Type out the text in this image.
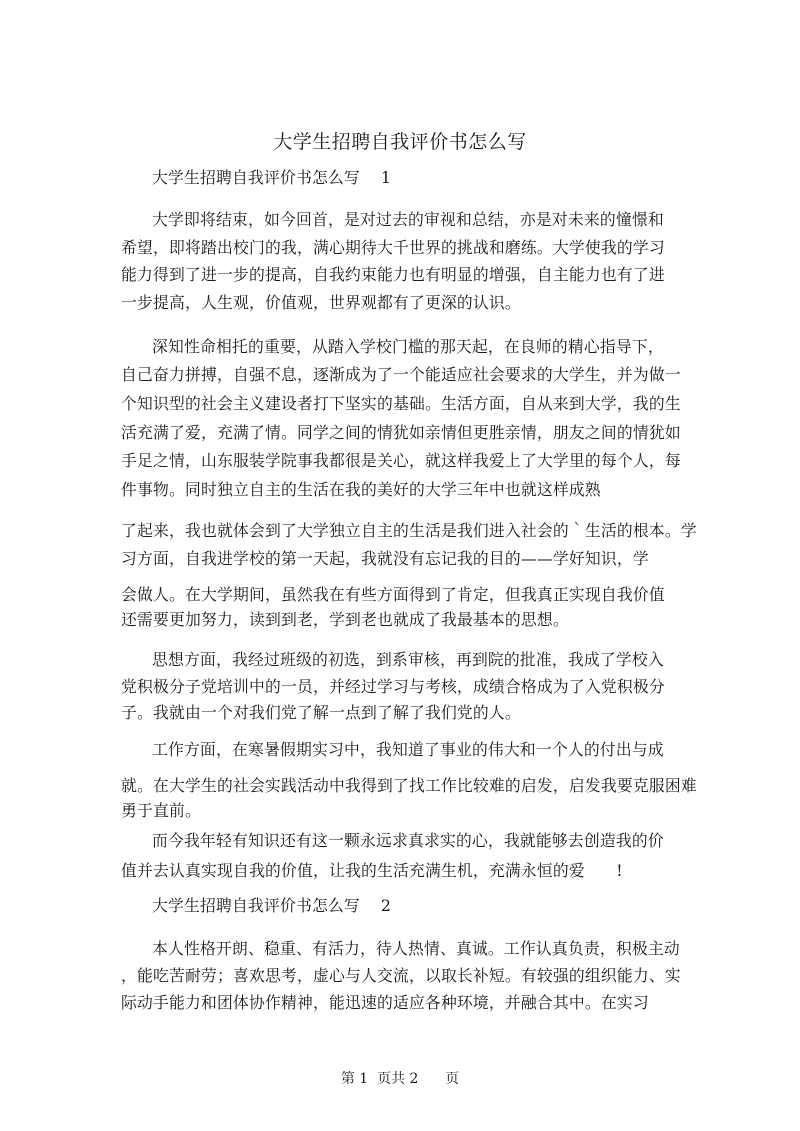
大学生招聘自我评价书怎么写
大学生招聘自我评价书怎么写    1
大学即将结束，如今回首，是对过去的审视和总结，亦是对未来的憧憬和
希望，即将踏出校门的我，满心期待大千世界的挑战和磨练。大学使我的学习
能力得到了进一步的提高，自我约束能力也有明显的增强，自主能力也有了进
一步提高，人生观，价值观，世界观都有了更深的认识。
深知性命相托的重要，从踏入学校门槛的那天起，在良师的精心指导下，
自己奋力拼搏，自强不息，逐渐成为了一个能适应社会要求的大学生，并为做一
个知识型的社会主义建设者打下坚实的基础。生活方面，自从来到大学，我的生
活充满了爱，充满了情。同学之间的情犹如亲情但更胜亲情，朋友之间的情犹如
手足之情，山东服装学院事我都很是关心，就这样我爱上了大学里的每个人，每
件事物。同时独立自主的生活在我的美好的大学三年中也就这样成熟
了起来，我也就体会到了大学独立自主的生活是我们进入社会的｀生活的根本。学
习方面，自我进学校的第一天起，我就没有忘记我的目的——学好知识，学
会做人。在大学期间，虽然我在有些方面得到了肯定，但我真正实现自我价值
还需要更加努力，读到到老，学到老也就成了我最基本的思想。
思想方面，我经过班级的初选，到系审核，再到院的批准，我成了学校入
党积极分子党培训中的一员，并经过学习与考核，成绩合格成为了入党积极分
子。我就由一个对我们党了解一点到了解了我们党的人。
工作方面，在寒暑假期实习中，我知道了事业的伟大和一个人的付出与成
就。在大学生的社会实践活动中我得到了找工作比较难的启发，启发我要克服困难
勇于直前。
而今我年轻有知识还有这一颗永远求真求实的心，我就能够去创造我的价
值并去认真实现自我的价值，让我的生活充满生机，充满永恒的爱      !
大学生招聘自我评价书怎么写    2
本人性格开朗、稳重、有活力，待人热情、真诚。工作认真负责，积极主动
，能吃苦耐劳；喜欢思考，虚心与人交流，以取长补短。有较强的组织能力、实
际动手能力和团体协作精神，能迅速的适应各种环境，并融合其中。在实习
第 1  页共 2      页
